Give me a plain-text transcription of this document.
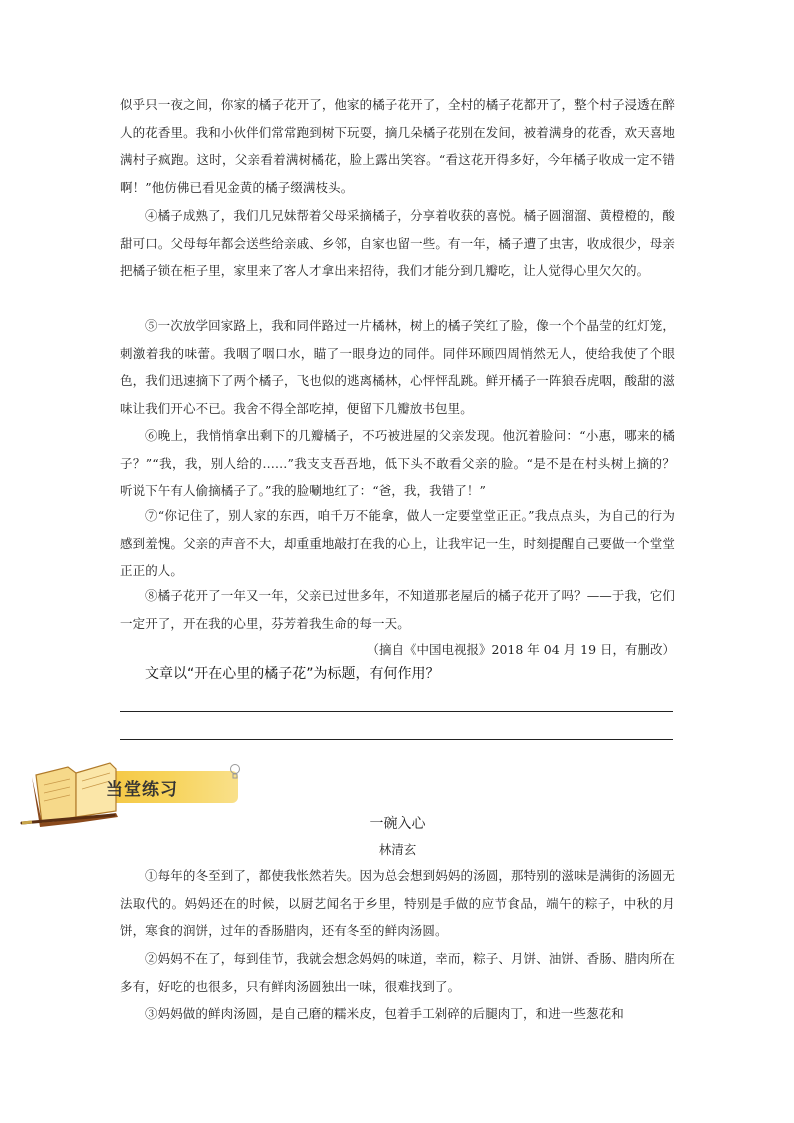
似乎只一夜之间，你家的橘子花开了，他家的橘子花开了，全村的橘子花都开了，整个村子浸透在醉人的花香里。我和小伙伴们常常跑到树下玩耍，摘几朵橘子花别在发间，被着满身的花香，欢天喜地满村子疯跑。这时，父亲看着满树橘花，脸上露出笑容。“看这花开得多好，今年橘子收成一定不错啊！”他仿佛已看见金黄的橘子缀满枝头。

④橘子成熟了，我们几兄妹帮着父母采摘橘子，分享着收获的喜悦。橘子圆溜溜、黄橙橙的，酸甜可口。父母每年都会送些给亲戚、乡邻，自家也留一些。有一年，橘子遭了虫害，收成很少，母亲把橘子锁在柜子里，家里来了客人才拿出来招待，我们才能分到几瓣吃，让人觉得心里欠欠的。

⑤一次放学回家路上，我和同伴路过一片橘林，树上的橘子笑红了脸，像一个个晶莹的红灯笼，刺激着我的味蕾。我咽了咽口水，瞄了一眼身边的同伴。同伴环顾四周悄然无人，使给我使了个眼色，我们迅速摘下了两个橘子，飞也似的逃离橘林，心怦怦乱跳。鲜开橘子一阵狼吞虎咽，酸甜的滋味让我们开心不已。我舍不得全部吃掉，便留下几瓣放书包里。

⑥晚上，我悄悄拿出剩下的几瓣橘子，不巧被进屋的父亲发现。他沉着脸问：“小惠，哪来的橘子？”“我，我，别人给的……”我支支吾吾地，低下头不敢看父亲的脸。“是不是在村头树上摘的？听说下午有人偷摘橘子了。”我的脸唰地红了：“爸，我，我错了！”

⑦“你记住了，别人家的东西，咱千万不能拿，做人一定要堂堂正正。”我点点头，为自己的行为感到羞愧。父亲的声音不大，却重重地敲打在我的心上，让我牢记一生，时刻提醒自己要做一个堂堂正正的人。

⑧橘子花开了一年又一年，父亲已过世多年，不知道那老屋后的橘子花开了吗？——于我，它们一定开了，开在我的心里，芬芳着我生命的每一天。

（摘自《中国电视报》2018 年 04 月 19 日，有删改）

文章以“开在心里的橘子花”为标题，有何作用？

当堂练习

一碗入心

林清玄

①每年的冬至到了，都使我怅然若失。因为总会想到妈妈的汤圆，那特别的滋味是满街的汤圆无法取代的。妈妈还在的时候，以厨艺闻名于乡里，特别是手做的应节食品，端午的粽子，中秋的月饼，寒食的润饼，过年的香肠腊肉，还有冬至的鲜肉汤圆。

②妈妈不在了，每到佳节，我就会想念妈妈的味道，幸而，粽子、月饼、油饼、香肠、腊肉所在多有，好吃的也很多，只有鲜肉汤圆独出一味，很难找到了。

③妈妈做的鲜肉汤圆，是自己磨的糯米皮，包着手工剁碎的后腿肉丁，和进一些葱花和
